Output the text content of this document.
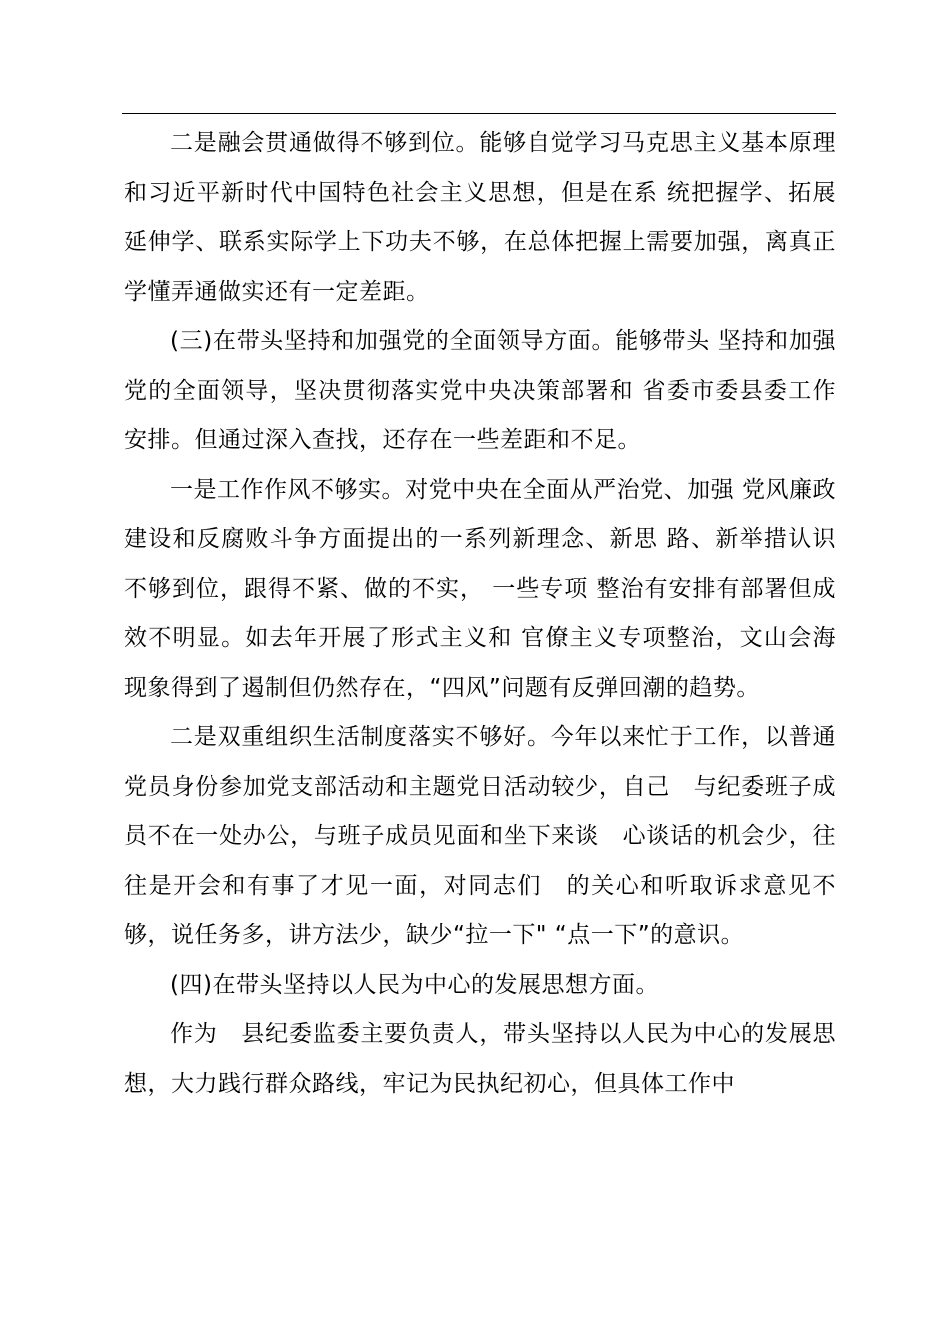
二是融会贯通做得不够到位。能够自觉学习马克思主义基本原理和习近平新时代中国特色社会主义思想，但是在系 统把握学、拓展延伸学、联系实际学上下功夫不够，在总体把握上需要加强，离真正学懂弄通做实还有一定差距。

(三)在带头坚持和加强党的全面领导方面。能够带头 坚持和加强党的全面领导，坚决贯彻落实党中央决策部署和 省委市委县委工作安排。但通过深入查找，还存在一些差距和不足。

一是工作作风不够实。对党中央在全面从严治党、加强 党风廉政建设和反腐败斗争方面提出的一系列新理念、新思 路、新举措认识不够到位，跟得不紧、做的不实， 一些专项 整治有安排有部署但成效不明显。如去年开展了形式主义和 官僚主义专项整治，文山会海现象得到了遏制但仍然存在，“四风”问题有反弹回潮的趋势。

二是双重组织生活制度落实不够好。今年以来忙于工作，以普通党员身份参加党支部活动和主题党日活动较少，自己　与纪委班子成员不在一处办公，与班子成员见面和坐下来谈　心谈话的机会少，往往是开会和有事了才见一面，对同志们　的关心和听取诉求意见不够，说任务多，讲方法少，缺少“拉一下" “点一下”的意识。

(四)在带头坚持以人民为中心的发展思想方面。

作为　县纪委监委主要负责人，带头坚持以人民为中心的发展思想，大力践行群众路线，牢记为民执纪初心，但具体工作中
